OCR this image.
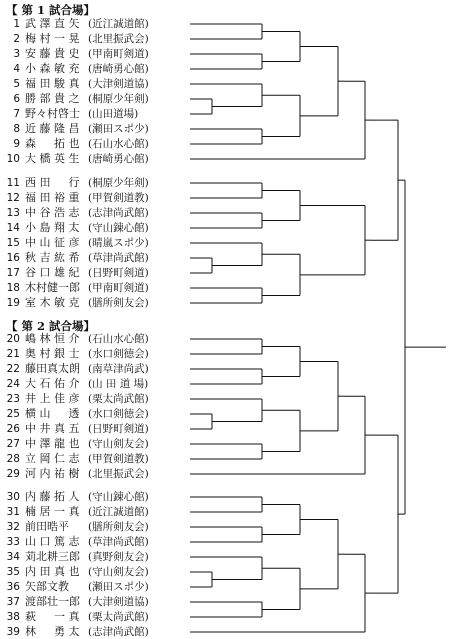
【 第 1 試合場】
【 第 2 試合場】
1 武 澤 直 矢 (近江誠道館)
2 梅 村 一 晃 (北里振武会)
3 安 藤 貴 史 (甲南町剣道)
4 小 森 敏 充 (唐崎勇心館)
5 福 田 駿 真 (大津剣道協)
6 勝 部 貴 之 (桐原少年剣)
7 野々村啓士 (山田道場)
8 近 藤 隆 昌 (瀬田スポ少)
9 森 　 拓 也 (石山水心館)
10 大 橋 英 生 (唐崎勇心館)
11 西 田 　 行 (桐原少年剣)
12 福 田 裕 重 (甲賀剣道教)
13 中 谷 浩 志 (志津尚武館)
14 小 島 翔 太 (守山錬心館)
15 中 山 征 彦 (晴嵐スポ少)
16 秋 吉 紘 希 (草津尚武館)
17 谷 口 雄 紀 (日野町剣道)
18 木村健一郎 (甲南町剣道)
19 室 木 敏 克 (膳所剣友会)
20 嶋 林 恒 介 (石山水心館)
21 奥 村 銀 士 (水口剣徳会)
22 藤田真太朗 (南草津尚武)
24 大 石 佑 介 (山 田 道 場)
23 井 上 佳 彦 (栗太尚武館)
25 横 山 　 透 (水口剣徳会)
26 中 井 真 五 (日野町剣道)
27 中 澤 龍 也 (守山剣友会)
28 立 岡 仁 志 (甲賀剣道教)
29 河 内 祐 樹 (北里振武会)
30 内 藤 拓 人 (守山錬心館)
31 楠 居 一 真 (近江誠道館)
32 前田晧平	(膳所剣友会)
33 山 口 篤 志 (草津尚武館)
34 苅北耕三郎 (真野剣友会)
35 内 田 真 也 (守山剣友会)
36 矢部文教	(瀬田スポ少)
37 渡部壮一郎 (大津剣道協)
38 萩 　 一 真 (栗太尚武館)
39 林 　 勇 太 (志津尚武館)
